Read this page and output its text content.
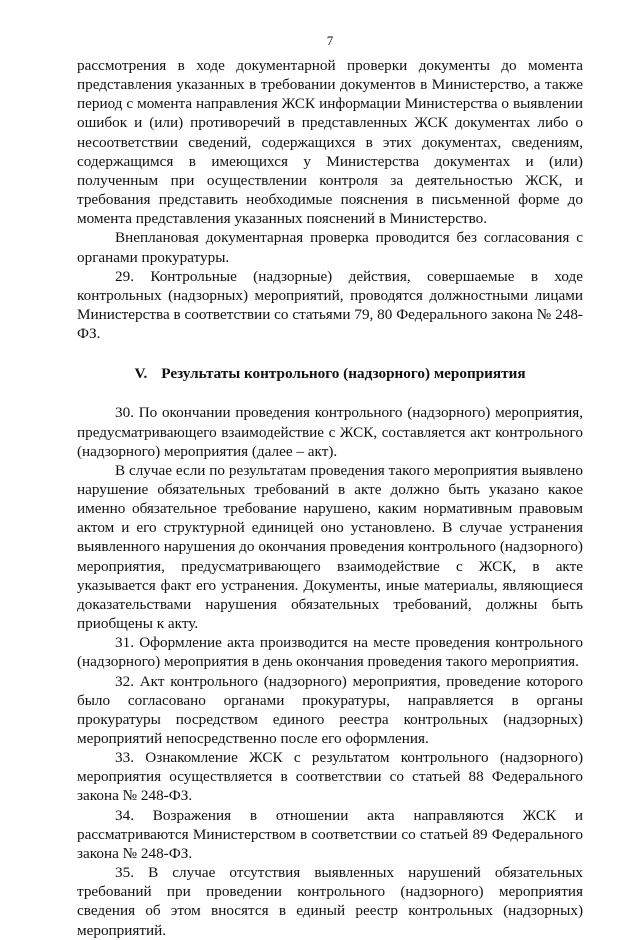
7

рассмотрения в ходе документарной проверки документы до момента представления указанных в требовании документов в Министерство, а также период с момента направления ЖСК информации Министерства о выявлении ошибок и (или) противоречий в представленных ЖСК документах либо о несоответствии сведений, содержащихся в этих документах, сведениям, содержащимся в имеющихся у Министерства документах и (или) полученным при осуществлении контроля за деятельностью ЖСК, и требования представить необходимые пояснения в письменной форме до момента представления указанных пояснений в Министерство.

Внеплановая документарная проверка проводится без согласования с органами прокуратуры.

29. Контрольные (надзорные) действия, совершаемые в ходе контрольных (надзорных) мероприятий, проводятся должностными лицами Министерства в соответствии со статьями 79, 80 Федерального закона № 248-ФЗ.

V. Результаты контрольного (надзорного) мероприятия

30. По окончании проведения контрольного (надзорного) мероприятия, предусматривающего взаимодействие с ЖСК, составляется акт контрольного (надзорного) мероприятия (далее – акт).

В случае если по результатам проведения такого мероприятия выявлено нарушение обязательных требований в акте должно быть указано какое именно обязательное требование нарушено, каким нормативным правовым актом и его структурной единицей оно установлено. В случае устранения выявленного нарушения до окончания проведения контрольного (надзорного) мероприятия, предусматривающего взаимодействие с ЖСК, в акте указывается факт его устранения. Документы, иные материалы, являющиеся доказательствами нарушения обязательных требований, должны быть приобщены к акту.

31. Оформление акта производится на месте проведения контрольного (надзорного) мероприятия в день окончания проведения такого мероприятия.

32. Акт контрольного (надзорного) мероприятия, проведение которого было согласовано органами прокуратуры, направляется в органы прокуратуры посредством единого реестра контрольных (надзорных) мероприятий непосредственно после его оформления.

33. Ознакомление ЖСК с результатом контрольного (надзорного) мероприятия осуществляется в соответствии со статьей 88 Федерального закона № 248-ФЗ.

34. Возражения в отношении акта направляются ЖСК и рассматриваются Министерством в соответствии со статьей 89 Федерального закона № 248-ФЗ.

35. В случае отсутствия выявленных нарушений обязательных требований при проведении контрольного (надзорного) мероприятия сведения об этом вносятся в единый реестр контрольных (надзорных) мероприятий.
